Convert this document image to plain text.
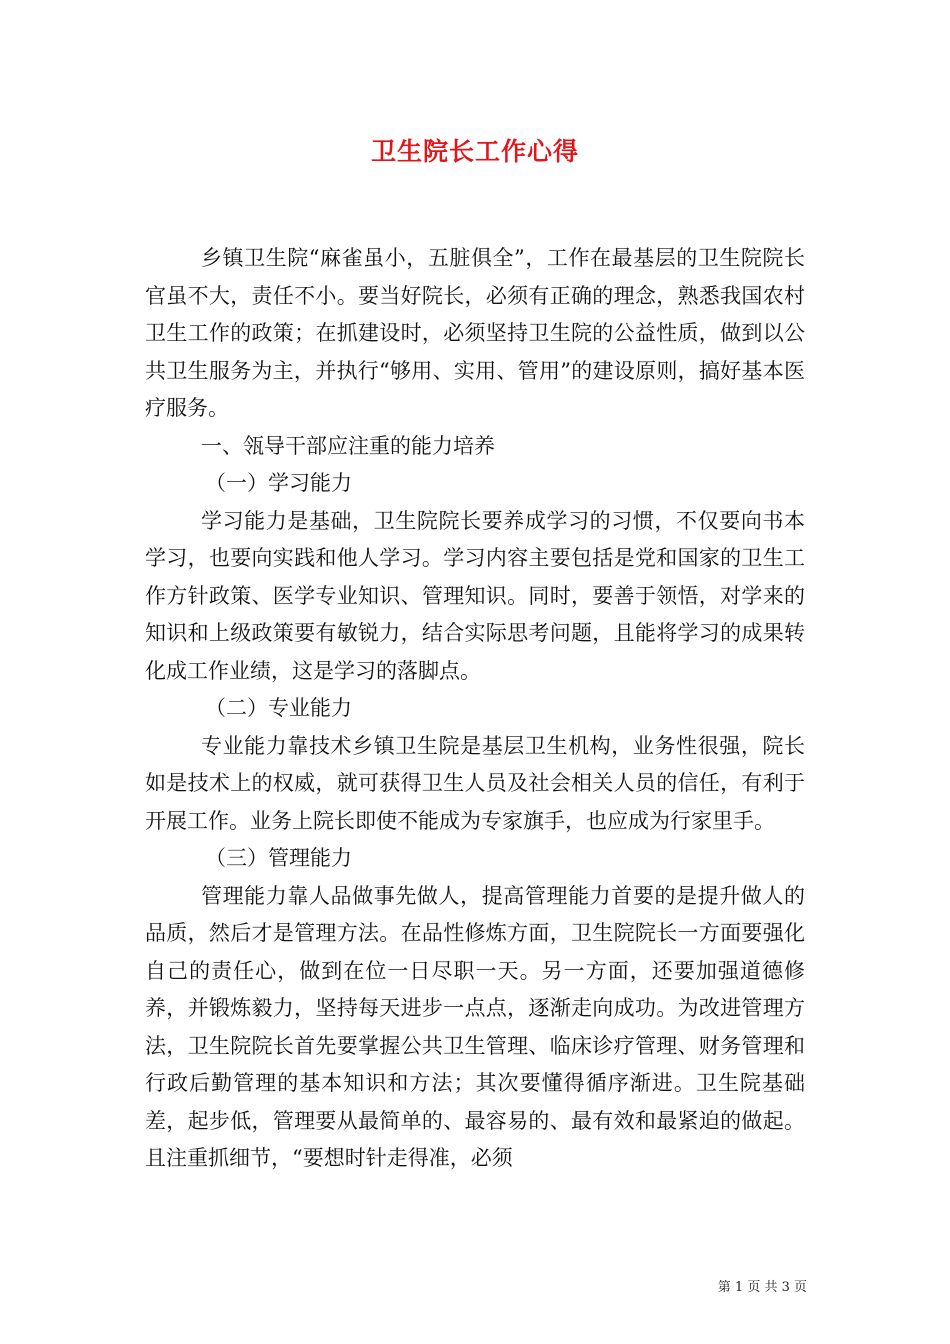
卫生院长工作心得

乡镇卫生院“麻雀虽小，五脏俱全”，工作在最基层的卫生院院长官虽不大，责任不小。要当好院长，必须有正确的理念，熟悉我国农村卫生工作的政策；在抓建设时，必须坚持卫生院的公益性质，做到以公共卫生服务为主，并执行“够用、实用、管用”的建设原则，搞好基本医疗服务。

一、瓴导干部应注重的能力培养

（一）学习能力

学习能力是基础，卫生院院长要养成学习的习惯，不仅要向书本学习，也要向实践和他人学习。学习内容主要包括是党和国家的卫生工作方针政策、医学专业知识、管理知识。同时，要善于领悟，对学来的知识和上级政策要有敏锐力，结合实际思考问题，且能将学习的成果转化成工作业绩，这是学习的落脚点。

（二）专业能力

专业能力靠技术乡镇卫生院是基层卫生机构，业务性很强，院长如是技术上的权威，就可获得卫生人员及社会相关人员的信任，有利于开展工作。业务上院长即使不能成为专家旗手，也应成为行家里手。

（三）管理能力

管理能力靠人品做事先做人，提高管理能力首要的是提升做人的品质，然后才是管理方法。在品性修炼方面，卫生院院长一方面要强化自己的责任心，做到在位一日尽职一天。另一方面，还要加强道德修养，并锻炼毅力，坚持每天进步一点点，逐渐走向成功。为改进管理方法，卫生院院长首先要掌握公共卫生管理、临床诊疗管理、财务管理和行政后勤管理的基本知识和方法；其次要懂得循序渐进。卫生院基础差，起步低，管理要从最简单的、最容易的、最有效和最紧迫的做起。且注重抓细节，“要想时针走得准，必须

第 1 页 共 3 页
